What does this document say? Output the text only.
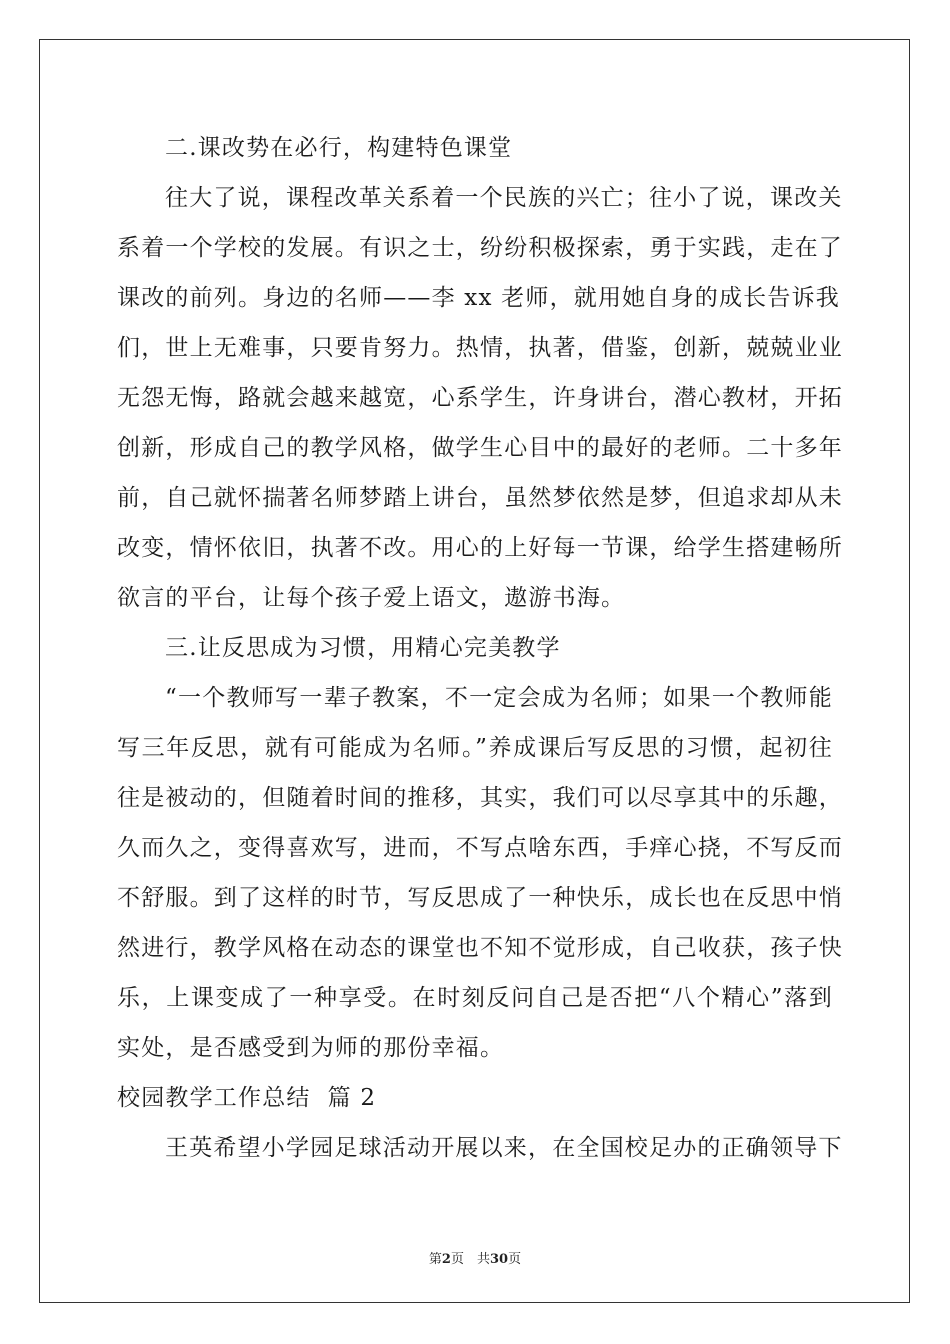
二.课改势在必行，构建特色课堂
往大了说，课程改革关系着一个民族的兴亡；往小了说，课改关
系着一个学校的发展。有识之士，纷纷积极探索，勇于实践，走在了
课改的前列。身边的名师——李 xx 老师，就用她自身的成长告诉我
们，世上无难事，只要肯努力。热情，执著，借鉴，创新，兢兢业业
无怨无悔，路就会越来越宽，心系学生，许身讲台，潜心教材，开拓
创新，形成自己的教学风格，做学生心目中的最好的老师。二十多年
前，自己就怀揣著名师梦踏上讲台，虽然梦依然是梦，但追求却从未
改变，情怀依旧，执著不改。用心的上好每一节课，给学生搭建畅所
欲言的平台，让每个孩子爱上语文，遨游书海。
三.让反思成为习惯，用精心完美教学
“一个教师写一辈子教案，不一定会成为名师；如果一个教师能
写三年反思，就有可能成为名师。”养成课后写反思的习惯，起初往
往是被动的，但随着时间的推移，其实，我们可以尽享其中的乐趣，
久而久之，变得喜欢写，进而，不写点啥东西，手痒心挠，不写反而
不舒服。到了这样的时节，写反思成了一种快乐，成长也在反思中悄
然进行，教学风格在动态的课堂也不知不觉形成，自己收获，孩子快
乐，上课变成了一种享受。在时刻反问自己是否把“八个精心”落到
实处，是否感受到为师的那份幸福。
校园教学工作总结  篇 2
王英希望小学园足球活动开展以来，在全国校足办的正确领导下
第2页　共30页
